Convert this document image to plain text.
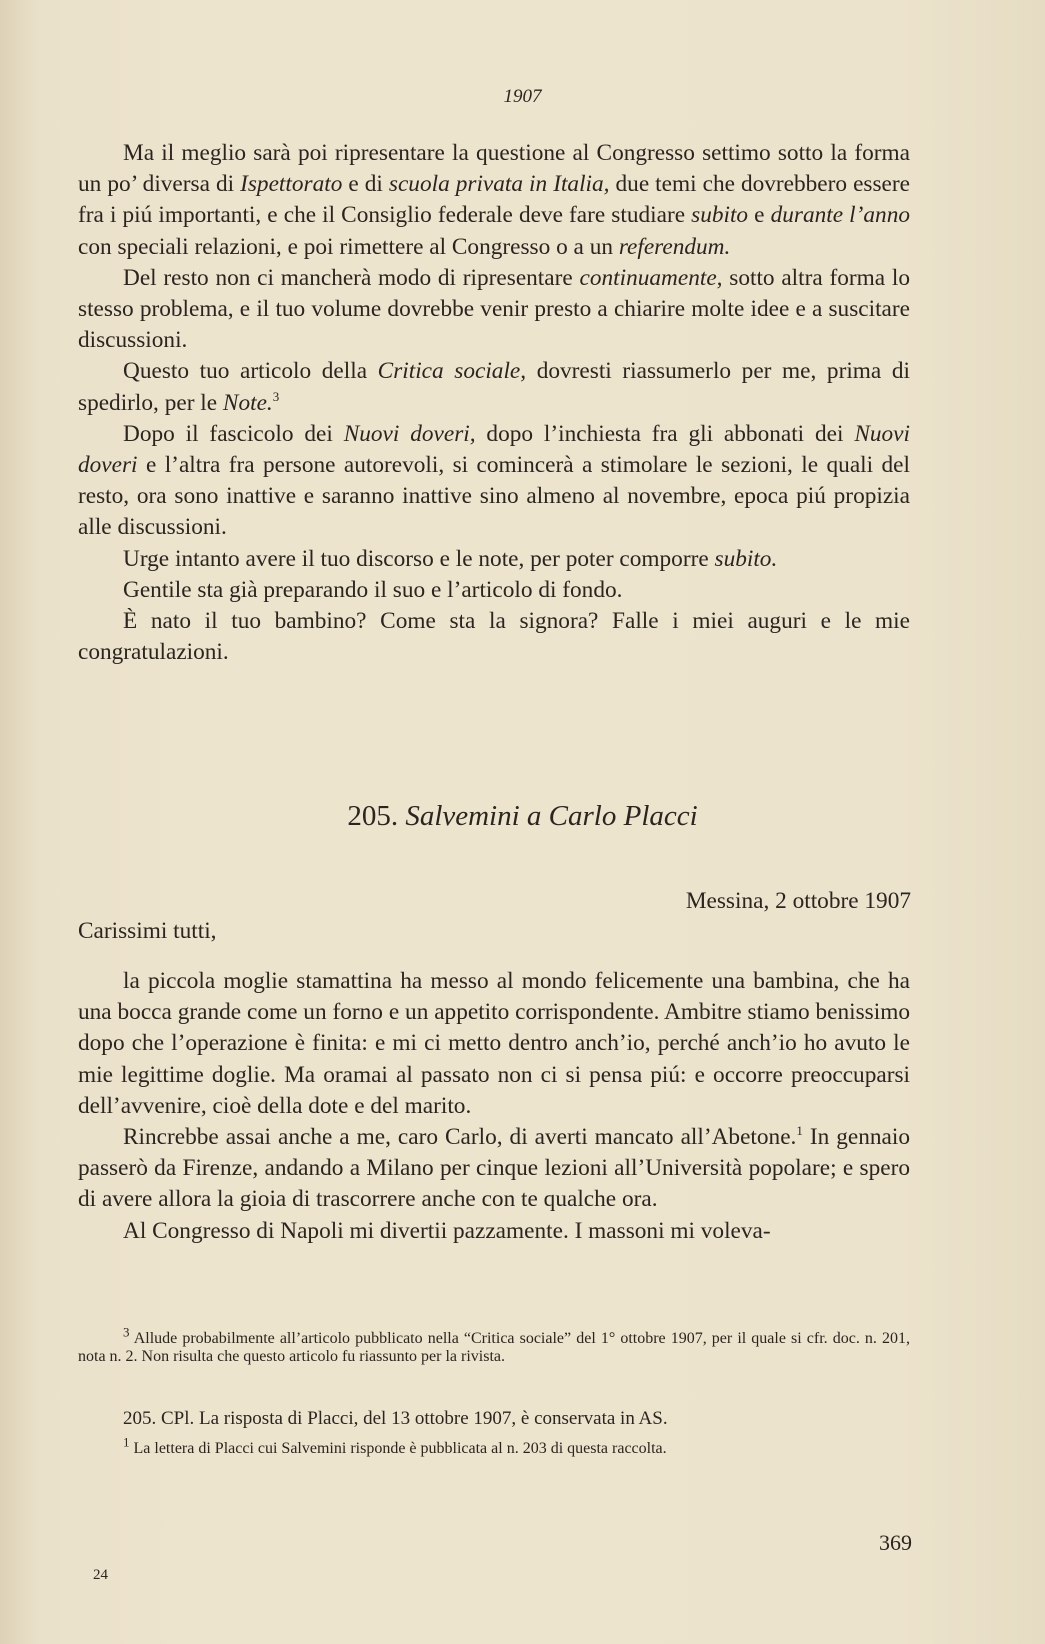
1907

Ma il meglio sarà poi ripresentare la questione al Congresso settimo sotto la forma un po’ diversa di Ispettorato e di scuola privata in Italia, due temi che dovrebbero essere fra i piú importanti, e che il Consiglio federale deve fare studiare subito e durante l’anno con speciali relazioni, e poi rimettere al Congresso o a un referendum.

Del resto non ci mancherà modo di ripresentare continuamente, sotto altra forma lo stesso problema, e il tuo volume dovrebbe venir presto a chiarire molte idee e a suscitare discussioni.

Questo tuo articolo della Critica sociale, dovresti riassumerlo per me, prima di spedirlo, per le Note.$^3$

Dopo il fascicolo dei Nuovi doveri, dopo l’inchiesta fra gli abbonati dei Nuovi doveri e l’altra fra persone autorevoli, si comincerà a stimolare le sezioni, le quali del resto, ora sono inattive e saranno inattive sino almeno al novembre, epoca piú propizia alle discussioni.

Urge intanto avere il tuo discorso e le note, per poter comporre subito.

Gentile sta già preparando il suo e l’articolo di fondo.

È nato il tuo bambino? Come sta la signora? Falle i miei auguri e le mie congratulazioni.

205. Salvemini a Carlo Placci
Messina, 2 ottobre 1907
Carissimi tutti,

la piccola moglie stamattina ha messo al mondo felicemente una bambina, che ha una bocca grande come un forno e un appetito corrispondente. Ambitre stiamo benissimo dopo che l’operazione è finita: e mi ci metto dentro anch’io, perché anch’io ho avuto le mie legittime doglie. Ma oramai al passato non ci si pensa piú: e occorre preoccuparsi dell’avvenire, cioè della dote e del marito.

Rincrebbe assai anche a me, caro Carlo, di averti mancato all’Abetone.$^1$ In gennaio passerò da Firenze, andando a Milano per cinque lezioni all’Università popolare; e spero di avere allora la gioia di trascorrere anche con te qualche ora.

Al Congresso di Napoli mi divertii pazzamente. I massoni mi voleva-

$^3$ Allude probabilmente all’articolo pubblicato nella “Critica sociale” del 1° ottobre 1907, per il quale si cfr. doc. n. 201, nota n. 2. Non risulta che questo articolo fu riassunto per la rivista.

205. CPl. La risposta di Placci, del 13 ottobre 1907, è conservata in AS.

$^1$ La lettera di Placci cui Salvemini risponde è pubblicata al n. 203 di questa raccolta.

369
24
